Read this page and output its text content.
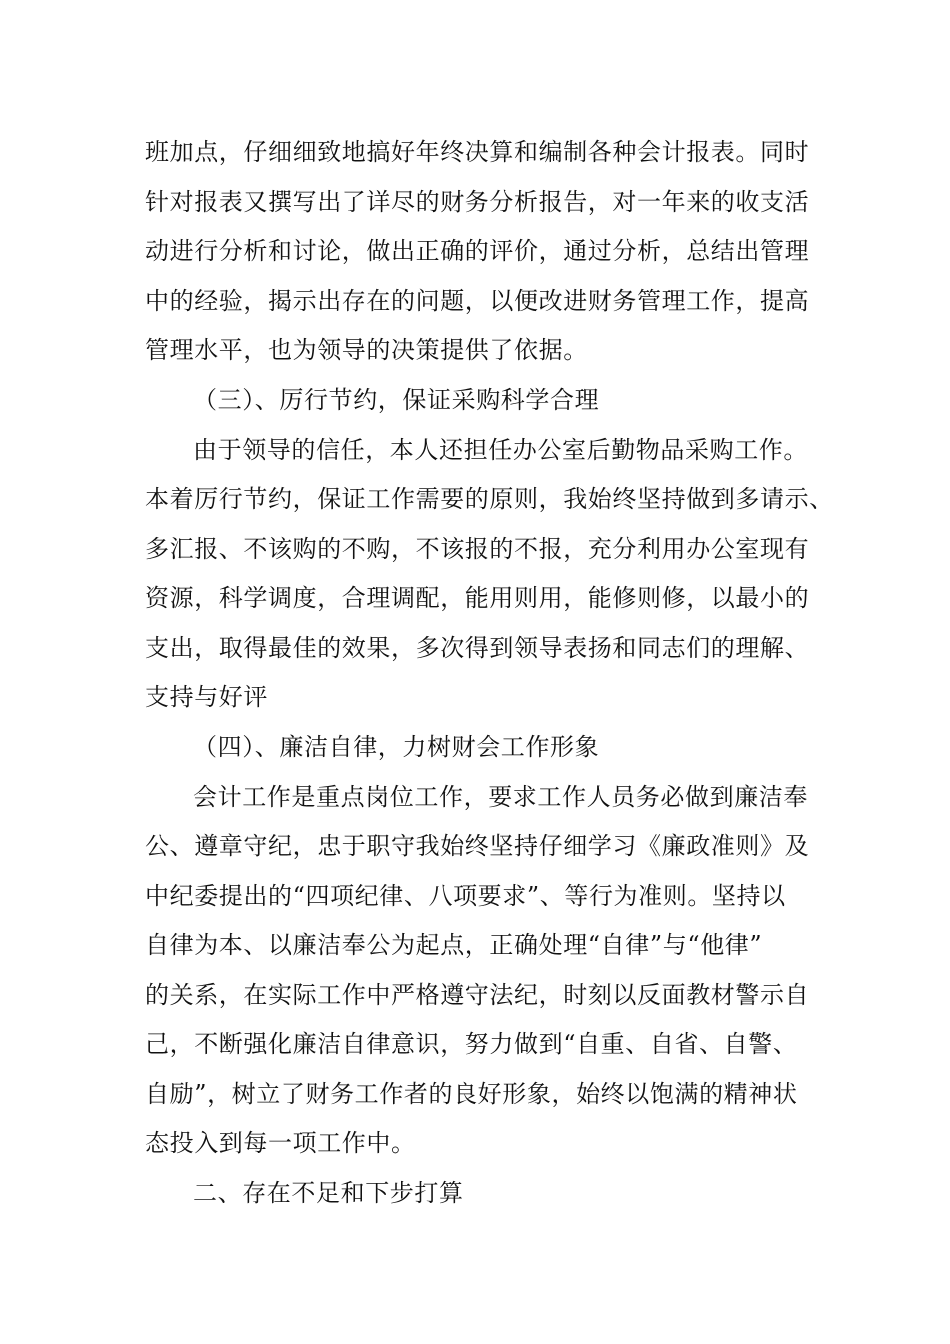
班加点，仔细细致地搞好年终决算和编制各种会计报表。同时
针对报表又撰写出了详尽的财务分析报告，对一年来的收支活
动进行分析和讨论，做出正确的评价，通过分析，总结出管理
中的经验，揭示出存在的问题，以便改进财务管理工作，提高
管理水平，也为领导的决策提供了依据。
（三）、厉行节约，保证采购科学合理
由于领导的信任，本人还担任办公室后勤物品采购工作。
本着厉行节约，保证工作需要的原则，我始终坚持做到多请示、
多汇报、不该购的不购，不该报的不报，充分利用办公室现有
资源，科学调度，合理调配，能用则用，能修则修，以最小的
支出，取得最佳的效果，多次得到领导表扬和同志们的理解、
支持与好评
（四）、廉洁自律，力树财会工作形象
会计工作是重点岗位工作，要求工作人员务必做到廉洁奉
公、遵章守纪，忠于职守我始终坚持仔细学习《廉政准则》及
中纪委提出的“四项纪律、八项要求”、等行为准则。坚持以
自律为本、以廉洁奉公为起点，正确处理“自律”与“他律”
的关系，在实际工作中严格遵守法纪，时刻以反面教材警示自
己，不断强化廉洁自律意识，努力做到“自重、自省、自警、
自励”，树立了财务工作者的良好形象，始终以饱满的精神状
态投入到每一项工作中。
二、存在不足和下步打算
